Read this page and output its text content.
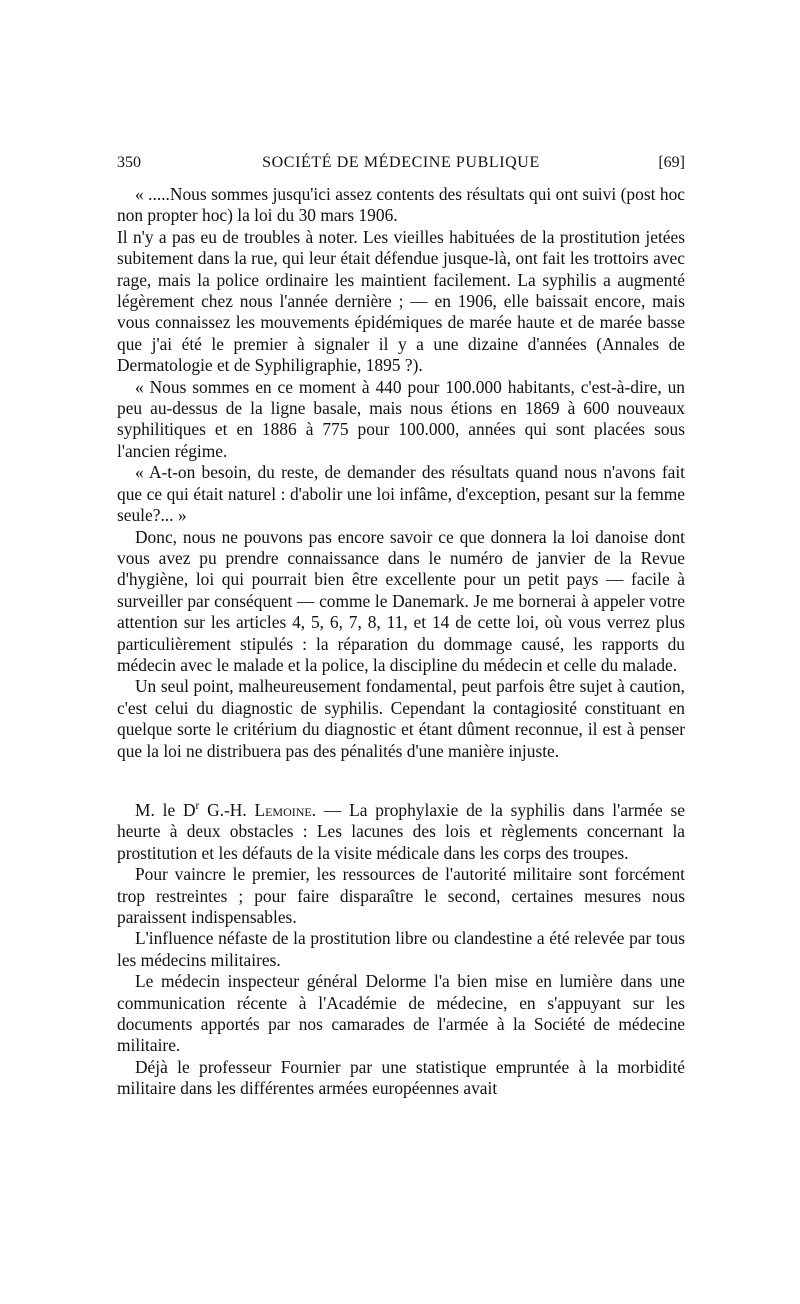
350	SOCIÉTÉ DE MÉDECINE PUBLIQUE	[69]

« .....Nous sommes jusqu'ici assez contents des résultats qui ont suivi (post hoc non propter hoc) la loi du 30 mars 1906.

Il n'y a pas eu de troubles à noter. Les vieilles habituées de la prostitution jetées subitement dans la rue, qui leur était défendue jusque-là, ont fait les trottoirs avec rage, mais la police ordinaire les maintient facilement. La syphilis a augmenté légèrement chez nous l'année dernière ; — en 1906, elle baissait encore, mais vous connaissez les mouvements épidémiques de marée haute et de marée basse que j'ai été le premier à signaler il y a une dizaine d'années (Annales de Dermatologie et de Syphiligraphie, 1895 ?).

« Nous sommes en ce moment à 440 pour 100.000 habitants, c'est-à-dire, un peu au-dessus de la ligne basale, mais nous étions en 1869 à 600 nouveaux syphilitiques et en 1886 à 775 pour 100.000, années qui sont placées sous l'ancien régime.

« A-t-on besoin, du reste, de demander des résultats quand nous n'avons fait que ce qui était naturel : d'abolir une loi infâme, d'exception, pesant sur la femme seule?... »

Donc, nous ne pouvons pas encore savoir ce que donnera la loi danoise dont vous avez pu prendre connaissance dans le numéro de janvier de la Revue d'hygiène, loi qui pourrait bien être excellente pour un petit pays — facile à surveiller par conséquent — comme le Danemark. Je me bornerai à appeler votre attention sur les articles 4, 5, 6, 7, 8, 11, et 14 de cette loi, où vous verrez plus particulièrement stipulés : la réparation du dommage causé, les rapports du médecin avec le malade et la police, la discipline du médecin et celle du malade.

Un seul point, malheureusement fondamental, peut parfois être sujet à caution, c'est celui du diagnostic de syphilis. Cependant la contagiosité constituant en quelque sorte le critérium du diagnostic et étant dûment reconnue, il est à penser que la loi ne distribuera pas des pénalités d'une manière injuste.

M. le $D^r$ G.-H. Lemoine. — La prophylaxie de la syphilis dans l'armée se heurte à deux obstacles : Les lacunes des lois et règlements concernant la prostitution et les défauts de la visite médicale dans les corps des troupes.

Pour vaincre le premier, les ressources de l'autorité militaire sont forcément trop restreintes ; pour faire disparaître le second, certaines mesures nous paraissent indispensables.

L'influence néfaste de la prostitution libre ou clandestine a été relevée par tous les médecins militaires.

Le médecin inspecteur général Delorme l'a bien mise en lumière dans une communication récente à l'Académie de médecine, en s'appuyant sur les documents apportés par nos camarades de l'armée à la Société de médecine militaire.

Déjà le professeur Fournier par une statistique empruntée à la morbidité militaire dans les différentes armées européennes avait
